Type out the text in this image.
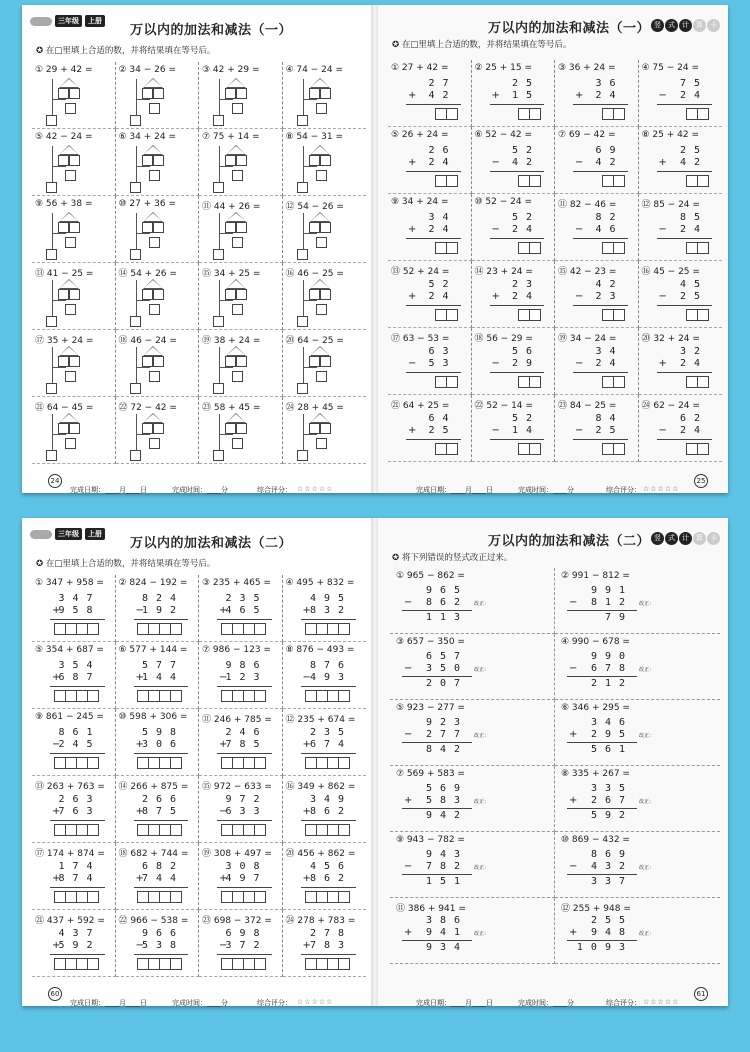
三年级	上册
万以内的加法和减法（一）
✪ 在□里填上合适的数，并将结果填在等号后。
① 29 + 42 =	② 34 − 26 =	③ 42 + 29 =	④ 74 − 24 =
⑤ 42 − 24 =	⑥ 34 + 24 =	⑦ 75 + 14 =	⑧ 54 − 31 =
⑨ 56 + 38 =	⑩ 27 + 36 =	⑪ 44 + 26 =	⑫ 54 − 26 =
⑬ 41 − 25 =	⑭ 54 + 26 =	⑮ 34 + 25 =	⑯ 46 − 25 =
⑰ 35 + 24 =	⑱ 46 − 24 =	⑲ 38 + 24 =	⑳ 64 − 25 =
㉑ 64 − 45 =	㉒ 72 − 42 =	㉓ 58 + 45 =	㉔ 28 + 45 =
24
完成日期：____月____日	完成时间：____分	综合评分： ☆☆☆☆☆
万以内的加法和减法（一） 竖	式	计	算	卡
✪ 在□里填上合适的数，并将结果填在等号后。
① 27 + 42 =
27
+ 42
② 25 + 15 =
25
+ 15
③ 36 + 24 =
36
+ 24
④ 75 − 24 =
75
− 24
⑤ 26 + 24 =
26
+ 24
⑥ 52 − 42 =
52
− 42
⑦ 69 − 42 =
69
− 42
⑧ 25 + 42 =
25
+ 42
⑨ 34 + 24 =
34
+ 24
⑩ 52 − 24 =
52
− 24
⑪ 82 − 46 =
82
− 46
⑫ 85 − 24 =
85
− 24
⑬ 52 + 24 =
52
+ 24
⑭ 23 + 24 =
23
+ 24
⑮ 42 − 23 =
42
− 23
⑯ 45 − 25 =
45
− 25
⑰ 63 − 53 =
63
− 53
⑱ 56 − 29 =
56
− 29
⑲ 34 − 24 =
34
− 24
⑳ 32 + 24 =
32
+ 24
㉑ 64 + 25 =
64
+ 25
㉒ 52 − 14 =
52
− 14
㉓ 84 − 25 =
84
− 25
㉔ 62 − 24 =
62
− 24
25
完成日期：____月____日	完成时间：____分	综合评分： ☆☆☆☆☆
三年级	上册
万以内的加法和减法（二）
✪ 在□里填上合适的数，并将结果填在等号后。
① 347 + 958 =
347
+
958
② 824 − 192 =
824
−
192
③ 235 + 465 =
235
+
465
④ 495 + 832 =
495
+ 832
⑤ 354 + 687 =
354
+
687
⑥ 577 + 144 =
577
+
144
⑦ 986 − 123 =
986
−
123
⑧ 876 − 493 =
876
− 493
⑨ 861 − 245 =
861
−
245
⑩ 598 + 306 =
598
+
306
⑪ 246 + 785 =
246
+
785
⑫ 235 + 674 =
235
+ 674
⑬ 263 + 763 =
263
+
763
⑭ 266 + 875 =
266
+
875
⑮ 972 − 633 =
972
−
633
⑯ 349 + 862 =
349
+ 862
⑰ 174 + 874 =
174
+
874
⑱ 682 + 744 =
682
+
744
⑲ 308 + 497 =
308
+
497
⑳ 456 + 862 =
456
+ 862
㉑ 437 + 592 =
437
+
592
㉒ 966 − 538 =
966
−
538
㉓ 698 − 372 =
698
−
372
㉔ 278 + 783 =
278
+ 783
60
完成日期：____月____日	完成时间：____分	综合评分： ☆☆☆☆☆
万以内的加法和减法（二） 竖	式	计	算	卡
✪ 将下列错误的竖式改正过来。
① 965 − 862 =
965
−	862
113
改正：
② 991 − 812 =
991
−	812
79
改正：
③ 657 − 350 =
657
−	350
207
改正：
④ 990 − 678 =
990
−	678
212
改正：
⑤ 923 − 277 =
923
−	277
842
改正：
⑥ 346 + 295 =
346
+	295
561
改正：
⑦ 569 + 583 =
569
+	583
942
改正：
⑧ 335 + 267 =
335
+	267
592
改正：
⑨ 943 − 782 =
943
−	782
151
改正：
⑩ 869 − 432 =
869
−	432
337
改正：
⑪ 386 + 941 =
386
+	941
934
改正：
⑫ 255 + 948 =
255
+	948
1093
改正：
61
完成日期：____月____日	完成时间：____分	综合评分： ☆☆☆☆☆
